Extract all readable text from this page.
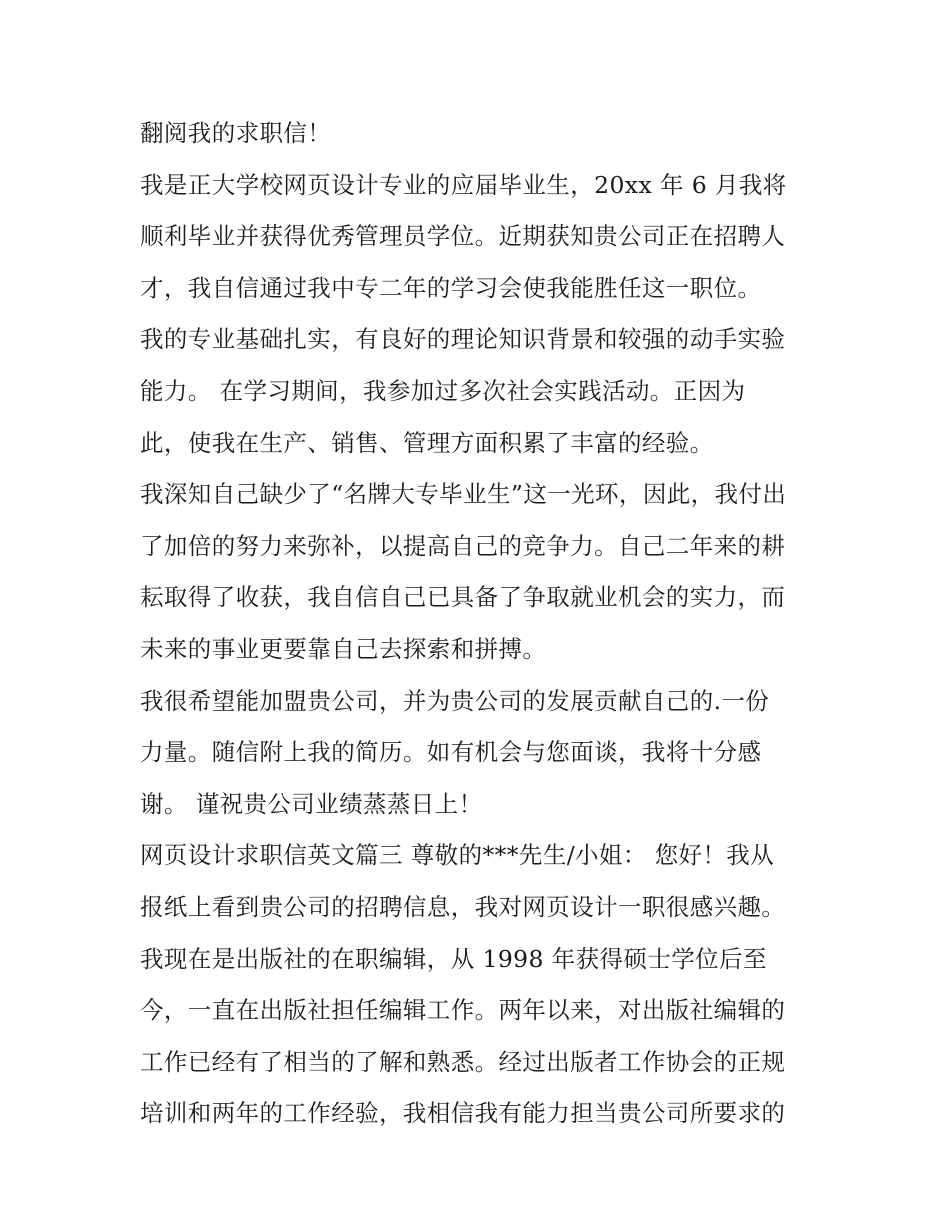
翻阅我的求职信！
我是正大学校网页设计专业的应届毕业生，20xx 年 6 月我将
顺利毕业并获得优秀管理员学位。近期获知贵公司正在招聘人
才，我自信通过我中专二年的学习会使我能胜任这一职位。
我的专业基础扎实，有良好的理论知识背景和较强的动手实验
能力。 在学习期间，我参加过多次社会实践活动。正因为
此，使我在生产、销售、管理方面积累了丰富的经验。
我深知自己缺少了“名牌大专毕业生”这一光环，因此，我付出
了加倍的努力来弥补，以提高自己的竞争力。自己二年来的耕
耘取得了收获，我自信自己已具备了争取就业机会的实力，而
未来的事业更要靠自己去探索和拼搏。
我很希望能加盟贵公司，并为贵公司的发展贡献自己的.一份
力量。随信附上我的简历。如有机会与您面谈，我将十分感
谢。 谨祝贵公司业绩蒸蒸日上！
网页设计求职信英文篇三 尊敬的***先生/小姐： 您好！我从
报纸上看到贵公司的招聘信息，我对网页设计一职很感兴趣。
我现在是出版社的在职编辑，从 1998 年获得硕士学位后至
今，一直在出版社担任编辑工作。两年以来，对出版社编辑的
工作已经有了相当的了解和熟悉。经过出版者工作协会的正规
培训和两年的工作经验，我相信我有能力担当贵公司所要求的
